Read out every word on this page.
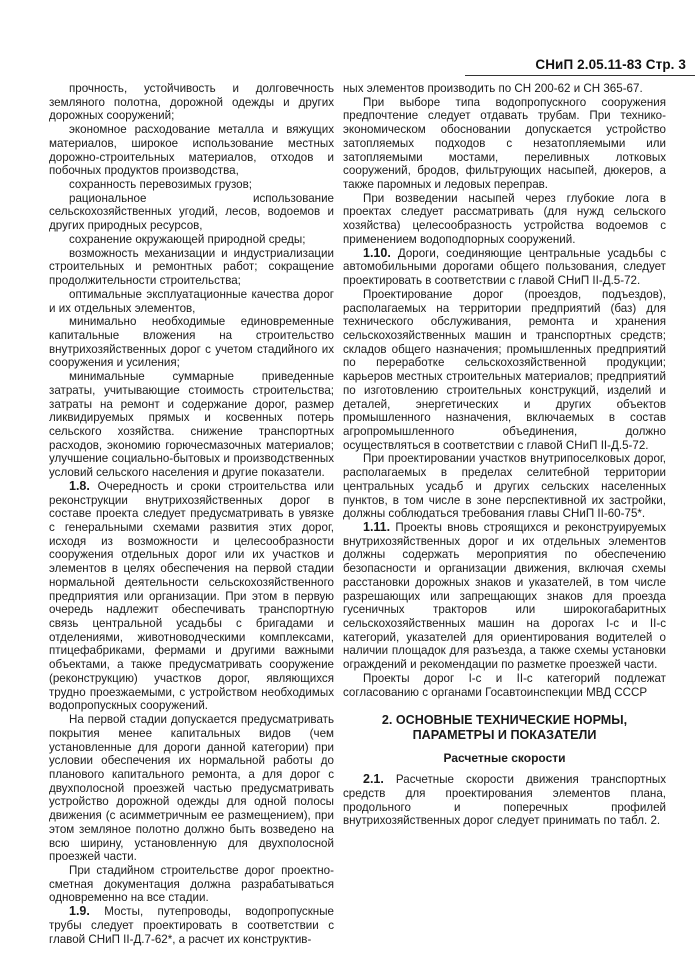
СНиП 2.05.11-83 Стр. 3

прочность, устойчивость и долговечность земляного полотна, дорожной одежды и других дорожных сооружений;

экономное расходование металла и вяжущих материалов, широкое использование местных дорожно-строительных материалов, отходов и побочных продуктов производства,

сохранность перевозимых грузов;

рациональное использование сельскохозяйственных угодий, лесов, водоемов и других природных ресурсов,

сохранение окружающей природной среды;

возможность механизации и индустриализации строительных и ремонтных работ; сокращение продолжительности строительства;

оптимальные эксплуатационные качества дорог и их отдельных элементов,

минимально необходимые единовременные капитальные вложения на строительство внутрихозяйственных дорог с учетом стадийного их сооружения и усиления;

минимальные суммарные приведенные затраты, учитывающие стоимость строительства; затраты на ремонт и содержание дорог, размер ликвидируемых прямых и косвенных потерь сельского хозяйства. снижение транспортных расходов, экономию горючесмазочных материалов; улучшение социально-бытовых и производственных условий сельского населения и другие показатели.

1.8. Очередность и сроки строительства или реконструкции внутрихозяйственных дорог в составе проекта следует предусматривать в увязке с генеральными схемами развития этих дорог, исходя из возможности и целесообразности сооружения отдельных дорог или их участков и элементов в целях обеспечения на первой стадии нормальной деятельности сельскохозяйственного предприятия или организации. При этом в первую очередь надлежит обеспечивать транспортную связь центральной усадьбы с бригадами и отделениями, животноводческими комплексами, птицефабриками, фермами и другими важными объектами, а также предусматривать сооружение (реконструкцию) участков дорог, являющихся трудно проезжаемыми, с устройством необходимых водопропускных сооружений.

На первой стадии допускается предусматривать покрытия менее капитальных видов (чем установленные для дороги данной категории) при условии обеспечения их нормальной работы до планового капитального ремонта, а для дорог с двухполосной проезжей частью предусматривать устройство дорожной одежды для одной полосы движения (с асимметричным ее размещением), при этом земляное полотно должно быть возведено на всю ширину, установленную для двухполосной проезжей части.

При стадийном строительстве дорог проектно-сметная документация должна разрабатываться одновременно на все стадии.

1.9. Мосты, путепроводы, водопропускные трубы следует проектировать в соответствии с главой СНиП II-Д.7-62*, а расчет их конструктив-

ных элементов производить по СН 200-62 и СН 365-67.

При выборе типа водопропускного сооружения предпочтение следует отдавать трубам. При технико-экономическом обосновании допускается устройство затопляемых подходов с незатопляемыми или затопляемыми мостами, переливных лотковых сооружений, бродов, фильтрующих насыпей, дюкеров, а также паромных и ледовых переправ.

При возведении насыпей через глубокие лога в проектах следует рассматривать (для нужд сельского хозяйства) целесообразность устройства водоемов с применением водоподпорных сооружений.

1.10. Дороги, соединяющие центральные усадьбы с автомобильными дорогами общего пользования, следует проектировать в соответствии с главой СНиП II-Д.5-72.

Проектирование дорог (проездов, подъездов), располагаемых на территории предприятий (баз) для технического обслуживания, ремонта и хранения сельскохозяйственных машин и транспортных средств; складов общего назначения; промышленных предприятий по переработке сельскохозяйственной продукции; карьеров местных строительных материалов; предприятий по изготовлению строительных конструкций, изделий и деталей, энергетических и других объектов промышленного назначения, включаемых в состав агропромышленного объединения, должно осуществляться в соответствии с главой СНиП II-Д.5-72.

При проектировании участков внутрипоселковых дорог, располагаемых в пределах селитебной территории центральных усадьб и других сельских населенных пунктов, в том числе в зоне перспективной их застройки, должны соблюдаться требования главы СНиП II-60-75*.

1.11. Проекты вновь строящихся и реконструируемых внутрихозяйственных дорог и их отдельных элементов должны содержать мероприятия по обеспечению безопасности и организации движения, включая схемы расстановки дорожных знаков и указателей, в том числе разрешающих или запрещающих знаков для проезда гусеничных тракторов или широкогабаритных сельскохозяйственных машин на дорогах I-с и II-с категорий, указателей для ориентирования водителей о наличии площадок для разъезда, а также схемы установки ограждений и рекомендации по разметке проезжей части.

Проекты дорог I-с и II-с категорий подлежат согласованию с органами Госавтоинспекции МВД СССР

2. ОСНОВНЫЕ ТЕХНИЧЕСКИЕ НОРМЫ,
ПАРАМЕТРЫ И ПОКАЗАТЕЛИ
Расчетные скорости

2.1. Расчетные скорости движения транспортных средств для проектирования элементов плана, продольного и поперечных профилей внутрихозяйственных дорог следует принимать по табл. 2.
